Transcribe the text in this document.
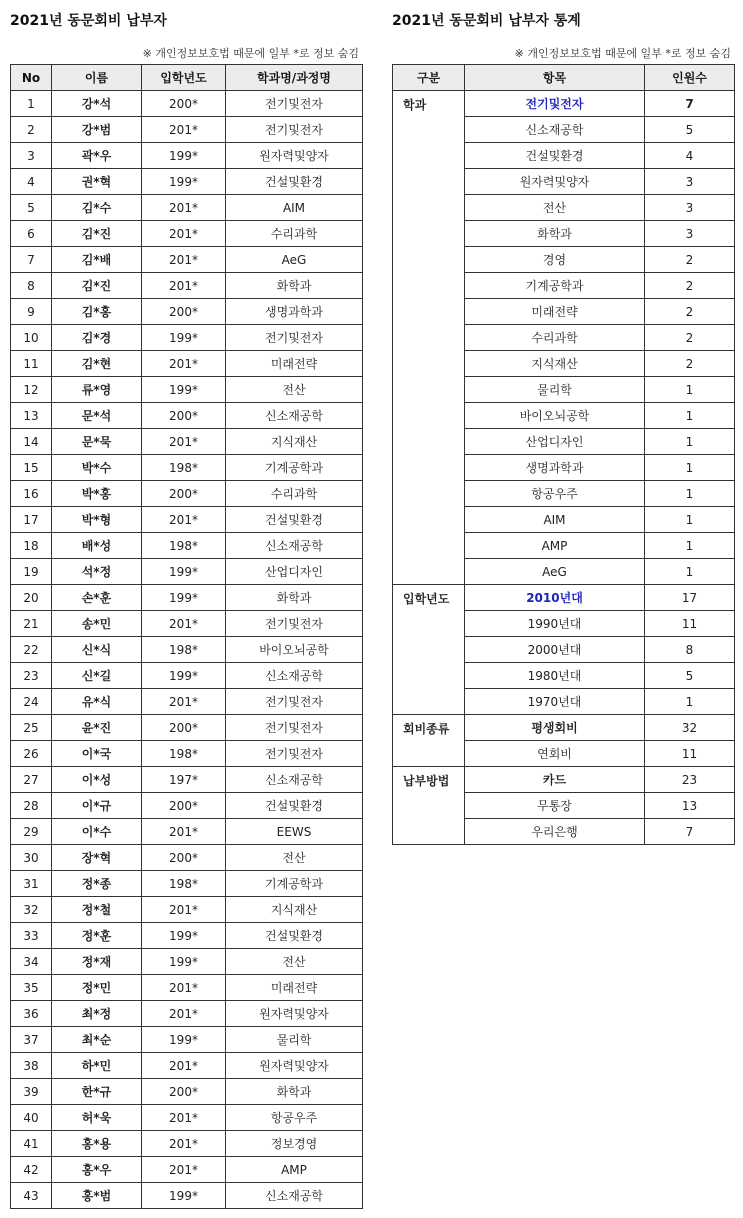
2021년 동문회비 납부자
※ 개인정보보호법 때문에 일부 *로 정보 숨김
2021년 동문회비 납부자 통계
※ 개인정보보호법 때문에 일부 *로 정보 숨김
No	이름	입학년도	학과명/과정명
1	강*석	200*	전기및전자
2	강*범	201*	전기및전자
3	곽*우	199*	원자력및양자
4	권*혁	199*	건설및환경
5	김*수	201*	AIM
6	김*진	201*	수리과학
7	김*배	201*	AeG
8	김*진	201*	화학과
9	김*홍	200*	생명과학과
10	김*경	199*	전기및전자
11	김*현	201*	미래전략
12	류*영	199*	전산
13	문*석	200*	신소재공학
14	문*묵	201*	지식재산
15	박*수	198*	기계공학과
16	박*홍	200*	수리과학
17	박*형	201*	건설및환경
18	배*성	198*	신소재공학
19	석*정	199*	산업디자인
20	손*훈	199*	화학과
21	송*민	201*	전기및전자
22	신*식	198*	바이오뇌공학
23	신*길	199*	신소재공학
24	유*식	201*	전기및전자
25	윤*진	200*	전기및전자
26	이*국	198*	전기및전자
27	이*성	197*	신소재공학
28	이*규	200*	건설및환경
29	이*수	201*	EEWS
30	장*혁	200*	전산
31	정*종	198*	기계공학과
32	정*철	201*	지식재산
33	정*훈	199*	건설및환경
34	정*재	199*	전산
35	정*민	201*	미래전략
36	최*정	201*	원자력및양자
37	최*순	199*	물리학
38	하*민	201*	원자력및양자
39	한*규	200*	화학과
40	허*욱	201*	항공우주
41	홍*용	201*	정보경영
42	홍*우	201*	AMP
43	홍*범	199*	신소재공학
구분	항목	인원수
학과	전기및전자	7
	신소재공학	5
	건설및환경	4
	원자력및양자	3
	전산	3
	화학과	3
	경영	2
	기계공학과	2
	미래전략	2
	수리과학	2
	지식재산	2
	물리학	1
	바이오뇌공학	1
	산업디자인	1
	생명과학과	1
	항공우주	1
	AIM	1
	AMP	1
	AeG	1
입학년도	2010년대	17
	1990년대	11
	2000년대	8
	1980년대	5
	1970년대	1
회비종류	평생회비	32
	연회비	11
납부방법	카드	23
	무통장	13
	우리은행	7
